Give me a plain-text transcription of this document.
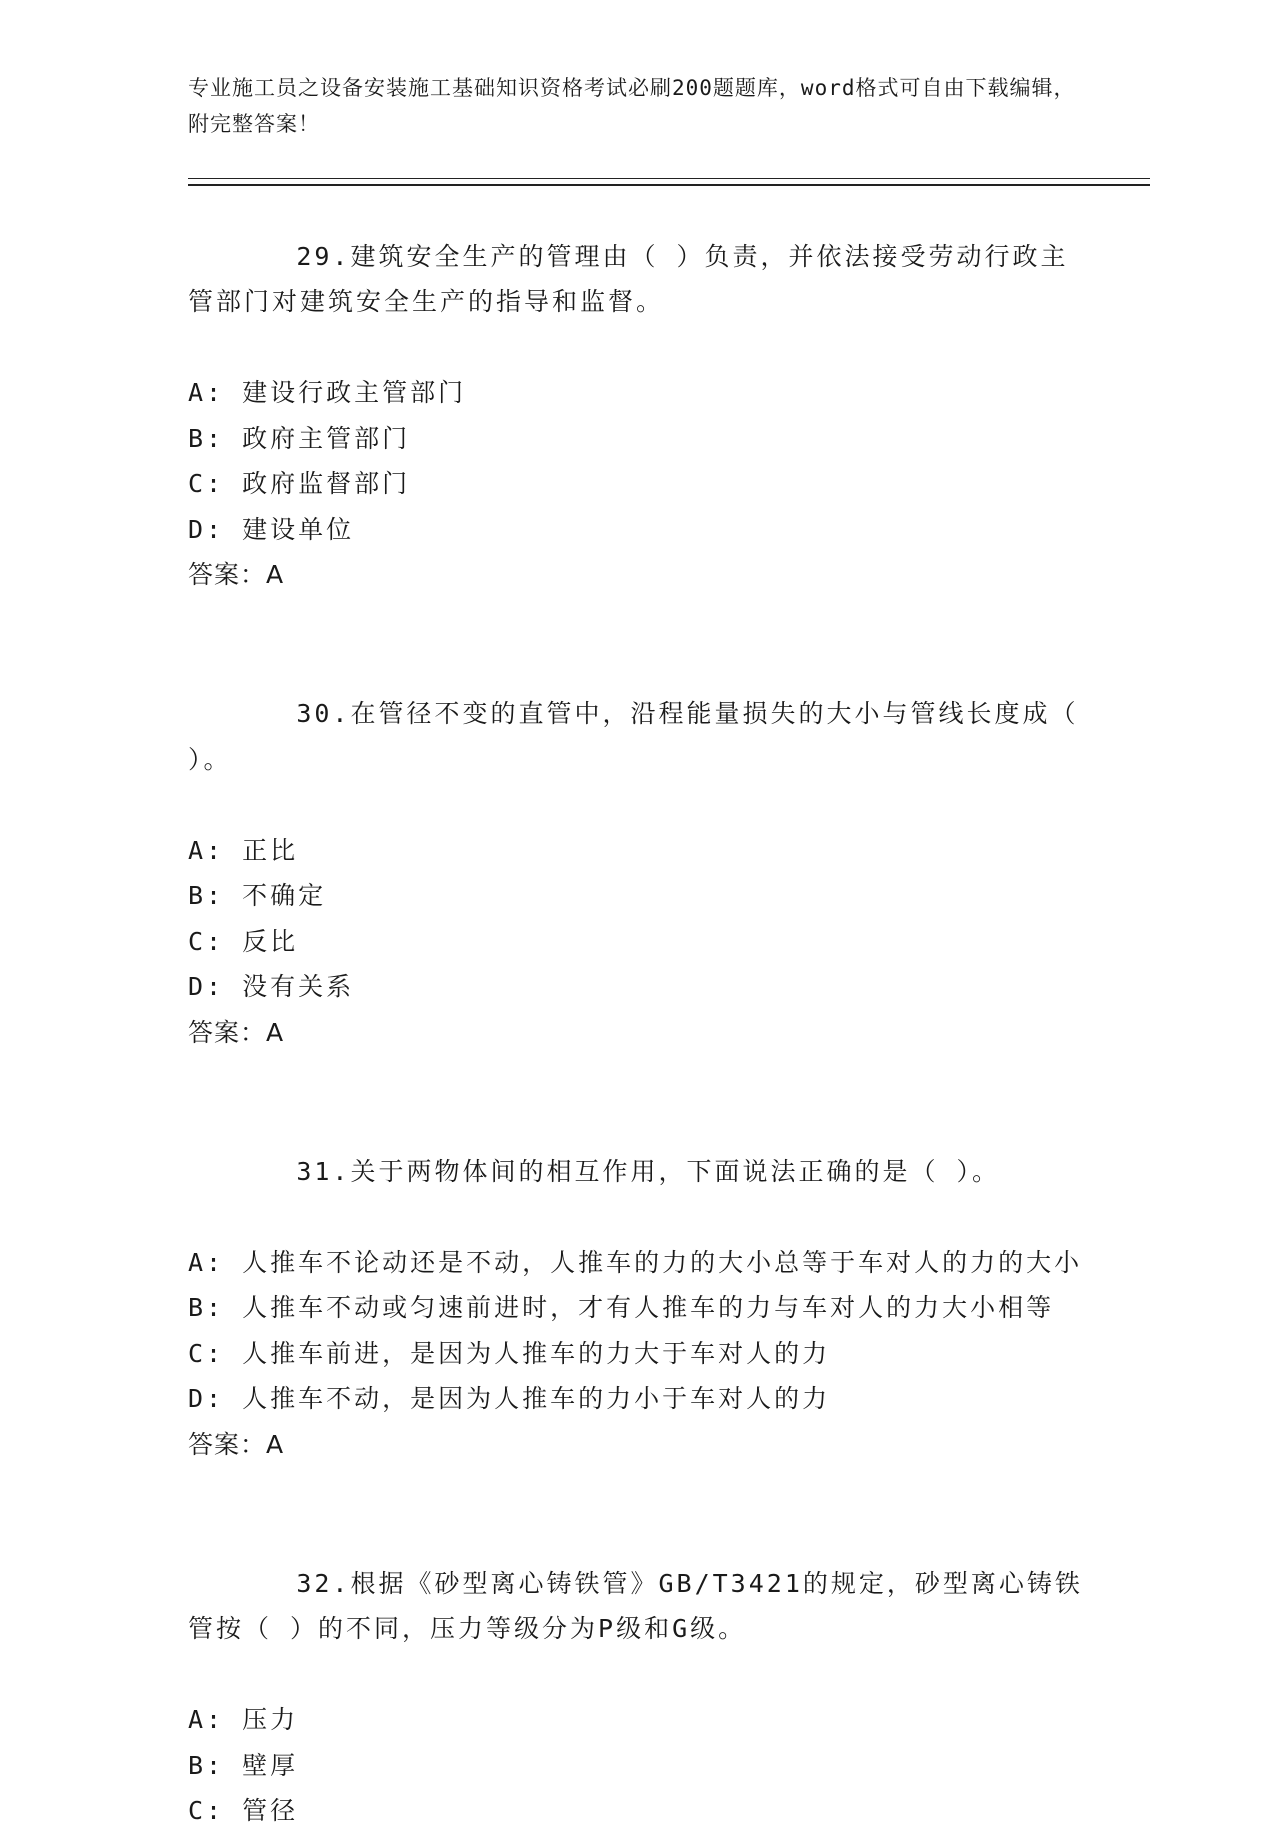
专业施工员之设备安装施工基础知识资格考试必刷200题题库，word格式可自由下载编辑，附完整答案！

29.建筑安全生产的管理由（ ）负责，并依法接受劳动行政主管部门对建筑安全生产的指导和监督。

A: 建设行政主管部门
B: 政府主管部门
C: 政府监督部门
D: 建设单位
答案：A

30.在管径不变的直管中，沿程能量损失的大小与管线长度成（ ）。

A: 正比
B: 不确定
C: 反比
D: 没有关系
答案：A

31.关于两物体间的相互作用，下面说法正确的是（ ）。

A: 人推车不论动还是不动，人推车的力的大小总等于车对人的力的大小
B: 人推车不动或匀速前进时，才有人推车的力与车对人的力大小相等
C: 人推车前进，是因为人推车的力大于车对人的力
D: 人推车不动，是因为人推车的力小于车对人的力
答案：A

32.根据《砂型离心铸铁管》GB/T3421的规定，砂型离心铸铁管按（ ）的不同，压力等级分为P级和G级。

A: 压力
B: 壁厚
C: 管径
